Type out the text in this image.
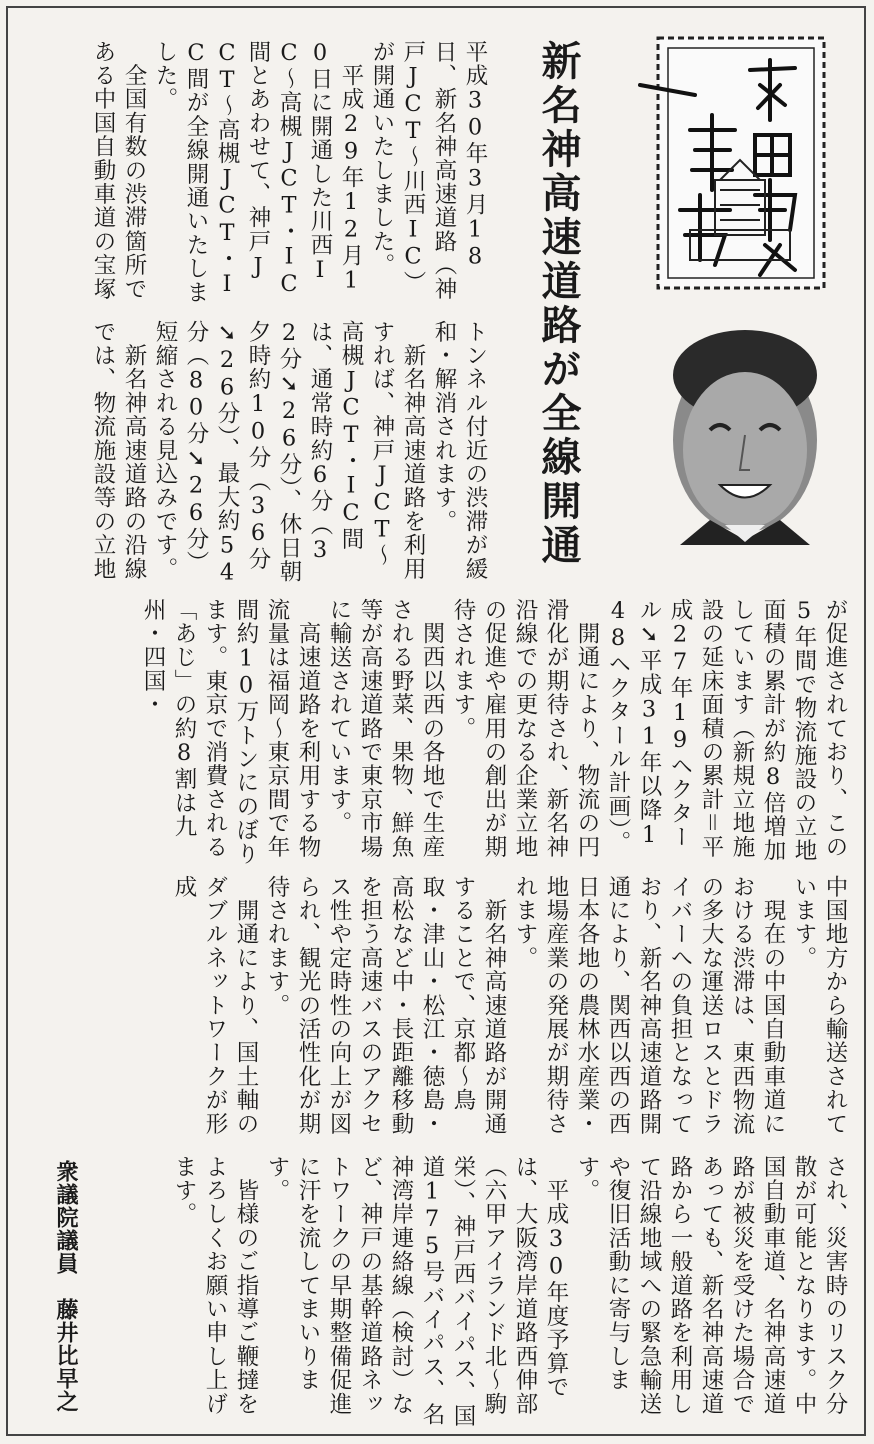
新名神高速道路が全線開通
平成30年3月18日、新名神高速道路（神戸JCT〜川西IC）が開通いたしました。
　平成29年12月10日に開通した川西IC〜高槻JCT・IC間とあわせて、神戸JCT〜高槻JCT・IC間が全線開通いたしました。
　全国有数の渋滞箇所である中国自動車道の宝塚
トンネル付近の渋滞が緩和・解消されます。
　新名神高速道路を利用すれば、神戸JCT〜高槻JCT・IC間は、通常時約6分（32分➘26分）、休日朝夕時約10分（36分➘26分）、最大約54分（80分➘26分）短縮される見込みです。
　新名神高速道路の沿線では、物流施設等の立地
が促進されており、この5年間で物流施設の立地面積の累計が約8倍増加しています（新規立地施設の延床面積の累計＝平成27年19ヘクタール➘平成31年以降148ヘクタール計画）。
　開通により、物流の円滑化が期待され、新名神沿線での更なる企業立地の促進や雇用の創出が期待されます。
　関西以西の各地で生産される野菜、果物、鮮魚等が高速道路で東京市場に輸送されています。
　高速道路を利用する物流量は福岡〜東京間で年間約10万トンにのぼります。東京で消費される「あじ」の約8割は九州・四国・
中国地方から輸送されています。
　現在の中国自動車道における渋滞は、東西物流の多大な運送ロスとドライバーへの負担となっており、新名神高速道路開通により、関西以西の西日本各地の農林水産業・地場産業の発展が期待されます。
　新名神高速道路が開通することで、京都〜鳥取・津山・松江・徳島・高松など中・長距離移動を担う高速バスのアクセス性や定時性の向上が図られ、観光の活性化が期待されます。
　開通により、国土軸のダブルネットワークが形成
され、災害時のリスク分散が可能となります。中国自動車道、名神高速道路が被災を受けた場合であっても、新名神高速道路から一般道路を利用して沿線地域への緊急輸送や復旧活動に寄与します。
　平成30年度予算では、大阪湾岸道路西伸部（六甲アイランド北〜駒栄）、神戸西バイパス、国道175号バイパス、名神湾岸連絡線（検討）など、神戸の基幹道路ネットワークの早期整備促進に汗を流してまいります。
　皆様のご指導ご鞭撻をよろしくお願い申し上げます。
衆議院議員　藤井比早之
